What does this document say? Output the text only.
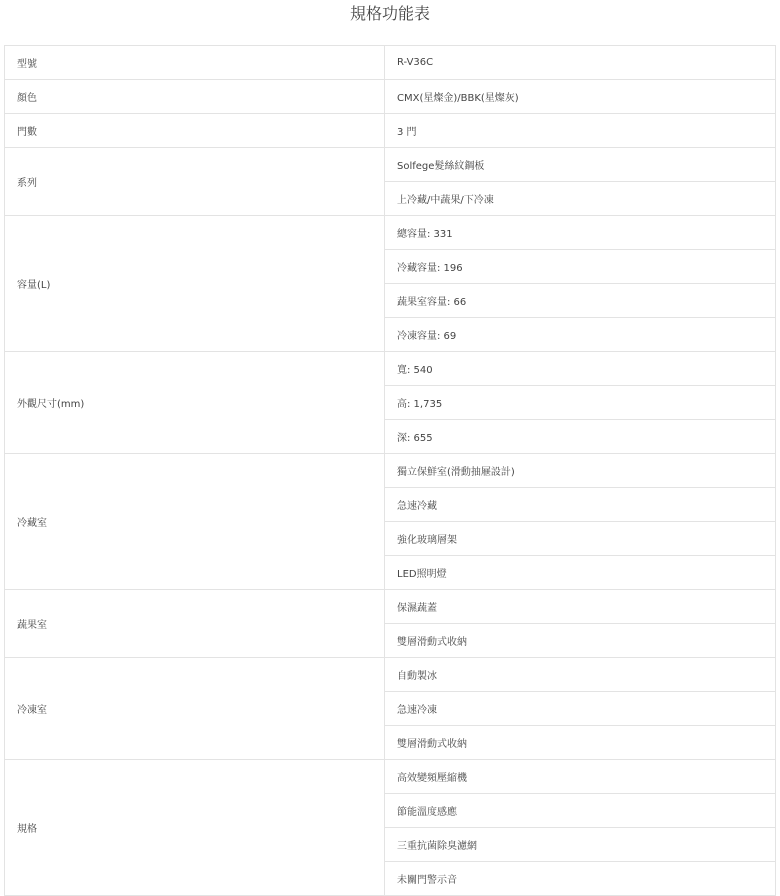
規格功能表
型號	R-V36C
顏色	CMX(星燦金)/BBK(星燦灰)
門數	3 門
系列	Solfege髮絲紋鋼板
	上冷藏/中蔬果/下冷凍
容量(L)	總容量: 331
	冷藏容量: 196
	蔬果室容量: 66
	冷凍容量: 69
外觀尺寸(mm)	寬: 540
	高: 1,735
	深: 655
冷藏室	獨立保鮮室(滑動抽屜設計)
	急速冷藏
	強化玻璃層架
	LED照明燈
蔬果室	保濕蔬蓋
	雙層滑動式收納
冷凍室	自動製冰
	急速冷凍
	雙層滑動式收納
規格	高效變頻壓縮機
	節能溫度感應
	三重抗菌除臭濾網
	未關門警示音
